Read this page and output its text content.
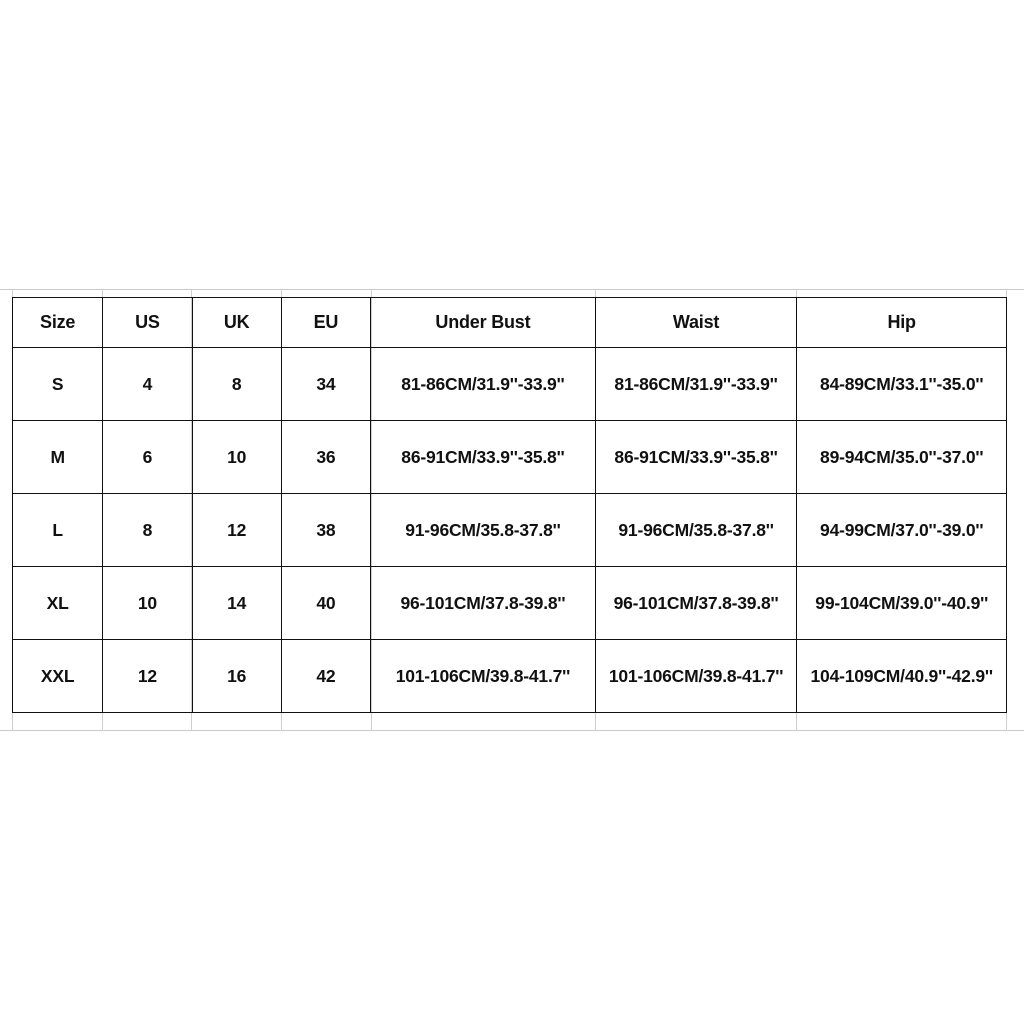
Size	US	UK	EU	Under Bust	Waist	Hip
S	4	8	34	81-86CM/31.9''-33.9''	81-86CM/31.9''-33.9''	84-89CM/33.1''-35.0''
M	6	10	36	86-91CM/33.9''-35.8''	86-91CM/33.9''-35.8''	89-94CM/35.0''-37.0''
L	8	12	38	91-96CM/35.8-37.8''	91-96CM/35.8-37.8''	94-99CM/37.0''-39.0''
XL	10	14	40	96-101CM/37.8-39.8''	96-101CM/37.8-39.8''	99-104CM/39.0''-40.9''
XXL	12	16	42	101-106CM/39.8-41.7''	101-106CM/39.8-41.7''	104-109CM/40.9''-42.9''
